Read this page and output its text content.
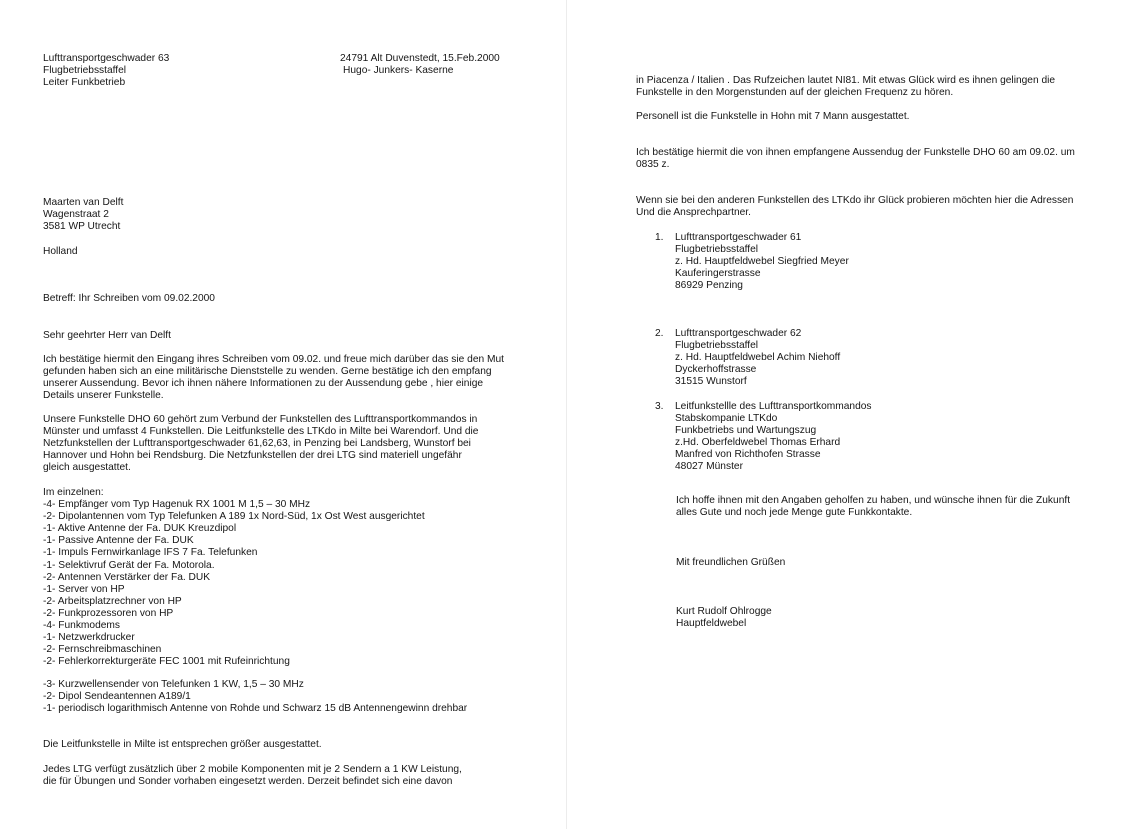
Lufttransportgeschwader 63
Flugbetriebsstaffel
Leiter Funkbetrieb
24791 Alt Duvenstedt, 15.Feb.2000
Hugo- Junkers- Kaserne
Maarten van Delft
Wagenstraat 2
3581 WP Utrecht
Holland
Betreff: Ihr Schreiben vom 09.02.2000
Sehr geehrter Herr van Delft
Ich bestätige hiermit den Eingang ihres Schreiben vom 09.02. und freue mich darüber das sie den Mut
gefunden haben sich an eine militärische Dienststelle zu wenden. Gerne bestätige ich den empfang
unserer Aussendung. Bevor ich ihnen nähere Informationen zu der Aussendung gebe , hier einige
Details unserer Funkstelle.
Unsere Funkstelle DHO 60 gehört zum Verbund der Funkstellen des Lufttransportkommandos in
Münster und umfasst 4 Funkstellen. Die Leitfunkstelle des LTKdo in Milte bei Warendorf. Und die
Netzfunkstellen der Lufttransportgeschwader 61,62,63, in Penzing bei Landsberg, Wunstorf bei
Hannover und Hohn bei Rendsburg. Die Netzfunkstellen der drei LTG sind materiell ungefähr
gleich ausgestattet.
Im einzelnen:
-4- Empfänger vom Typ Hagenuk RX 1001 M 1,5 – 30 MHz
-2- Dipolantennen vom Typ Telefunken A 189 1x Nord-Süd, 1x Ost West ausgerichtet
-1- Aktive Antenne der Fa. DUK Kreuzdipol
-1- Passive Antenne der Fa. DUK
-1- Impuls Fernwirkanlage IFS 7 Fa. Telefunken
-1- Selektivruf Gerät der Fa. Motorola.
-2- Antennen Verstärker der Fa. DUK
-1- Server von HP
-2- Arbeitsplatzrechner von HP
-2- Funkprozessoren von HP
-4- Funkmodems
-1- Netzwerkdrucker
-2- Fernschreibmaschinen
-2- Fehlerkorrekturgeräte FEC 1001 mit Rufeinrichtung
-3- Kurzwellensender von Telefunken 1 KW, 1,5 – 30 MHz
-2- Dipol Sendeantennen A189/1
-1- periodisch logarithmisch Antenne von Rohde und Schwarz 15 dB Antennengewinn drehbar
Die Leitfunkstelle in Milte ist entsprechen größer ausgestattet.
Jedes LTG verfügt zusätzlich über 2 mobile Komponenten mit je 2 Sendern a 1 KW Leistung,
die für Übungen und Sonder vorhaben eingesetzt werden. Derzeit befindet sich eine davon
in Piacenza / Italien . Das Rufzeichen lautet NI81. Mit etwas Glück wird es ihnen gelingen die
Funkstelle in den Morgenstunden auf der gleichen Frequenz zu hören.
Personell ist die Funkstelle in Hohn mit 7 Mann ausgestattet.
Ich bestätige hiermit die von ihnen empfangene Aussendug der Funkstelle DHO 60 am 09.02. um
0835 z.
Wenn sie bei den anderen Funkstellen des LTKdo ihr Glück probieren möchten hier die Adressen
Und die Ansprechpartner.
1. Lufttransportgeschwader 61
Flugbetriebsstaffel
z. Hd. Hauptfeldwebel Siegfried Meyer
Kauferingerstrasse
86929 Penzing
2. Lufttransportgeschwader 62
Flugbetriebsstaffel
z. Hd. Hauptfeldwebel Achim Niehoff
Dyckerhoffstrasse
31515 Wunstorf
3. Leitfunkstellle des Lufttransportkommandos
Stabskompanie LTKdo
Funkbetriebs und Wartungszug
z.Hd. Oberfeldwebel Thomas Erhard
Manfred von Richthofen Strasse
48027 Münster
Ich hoffe ihnen mit den Angaben geholfen zu haben, und wünsche ihnen für die Zukunft
alles Gute und noch jede Menge gute Funkkontakte.
Mit freundlichen Grüßen
Kurt Rudolf Ohlrogge
Hauptfeldwebel
